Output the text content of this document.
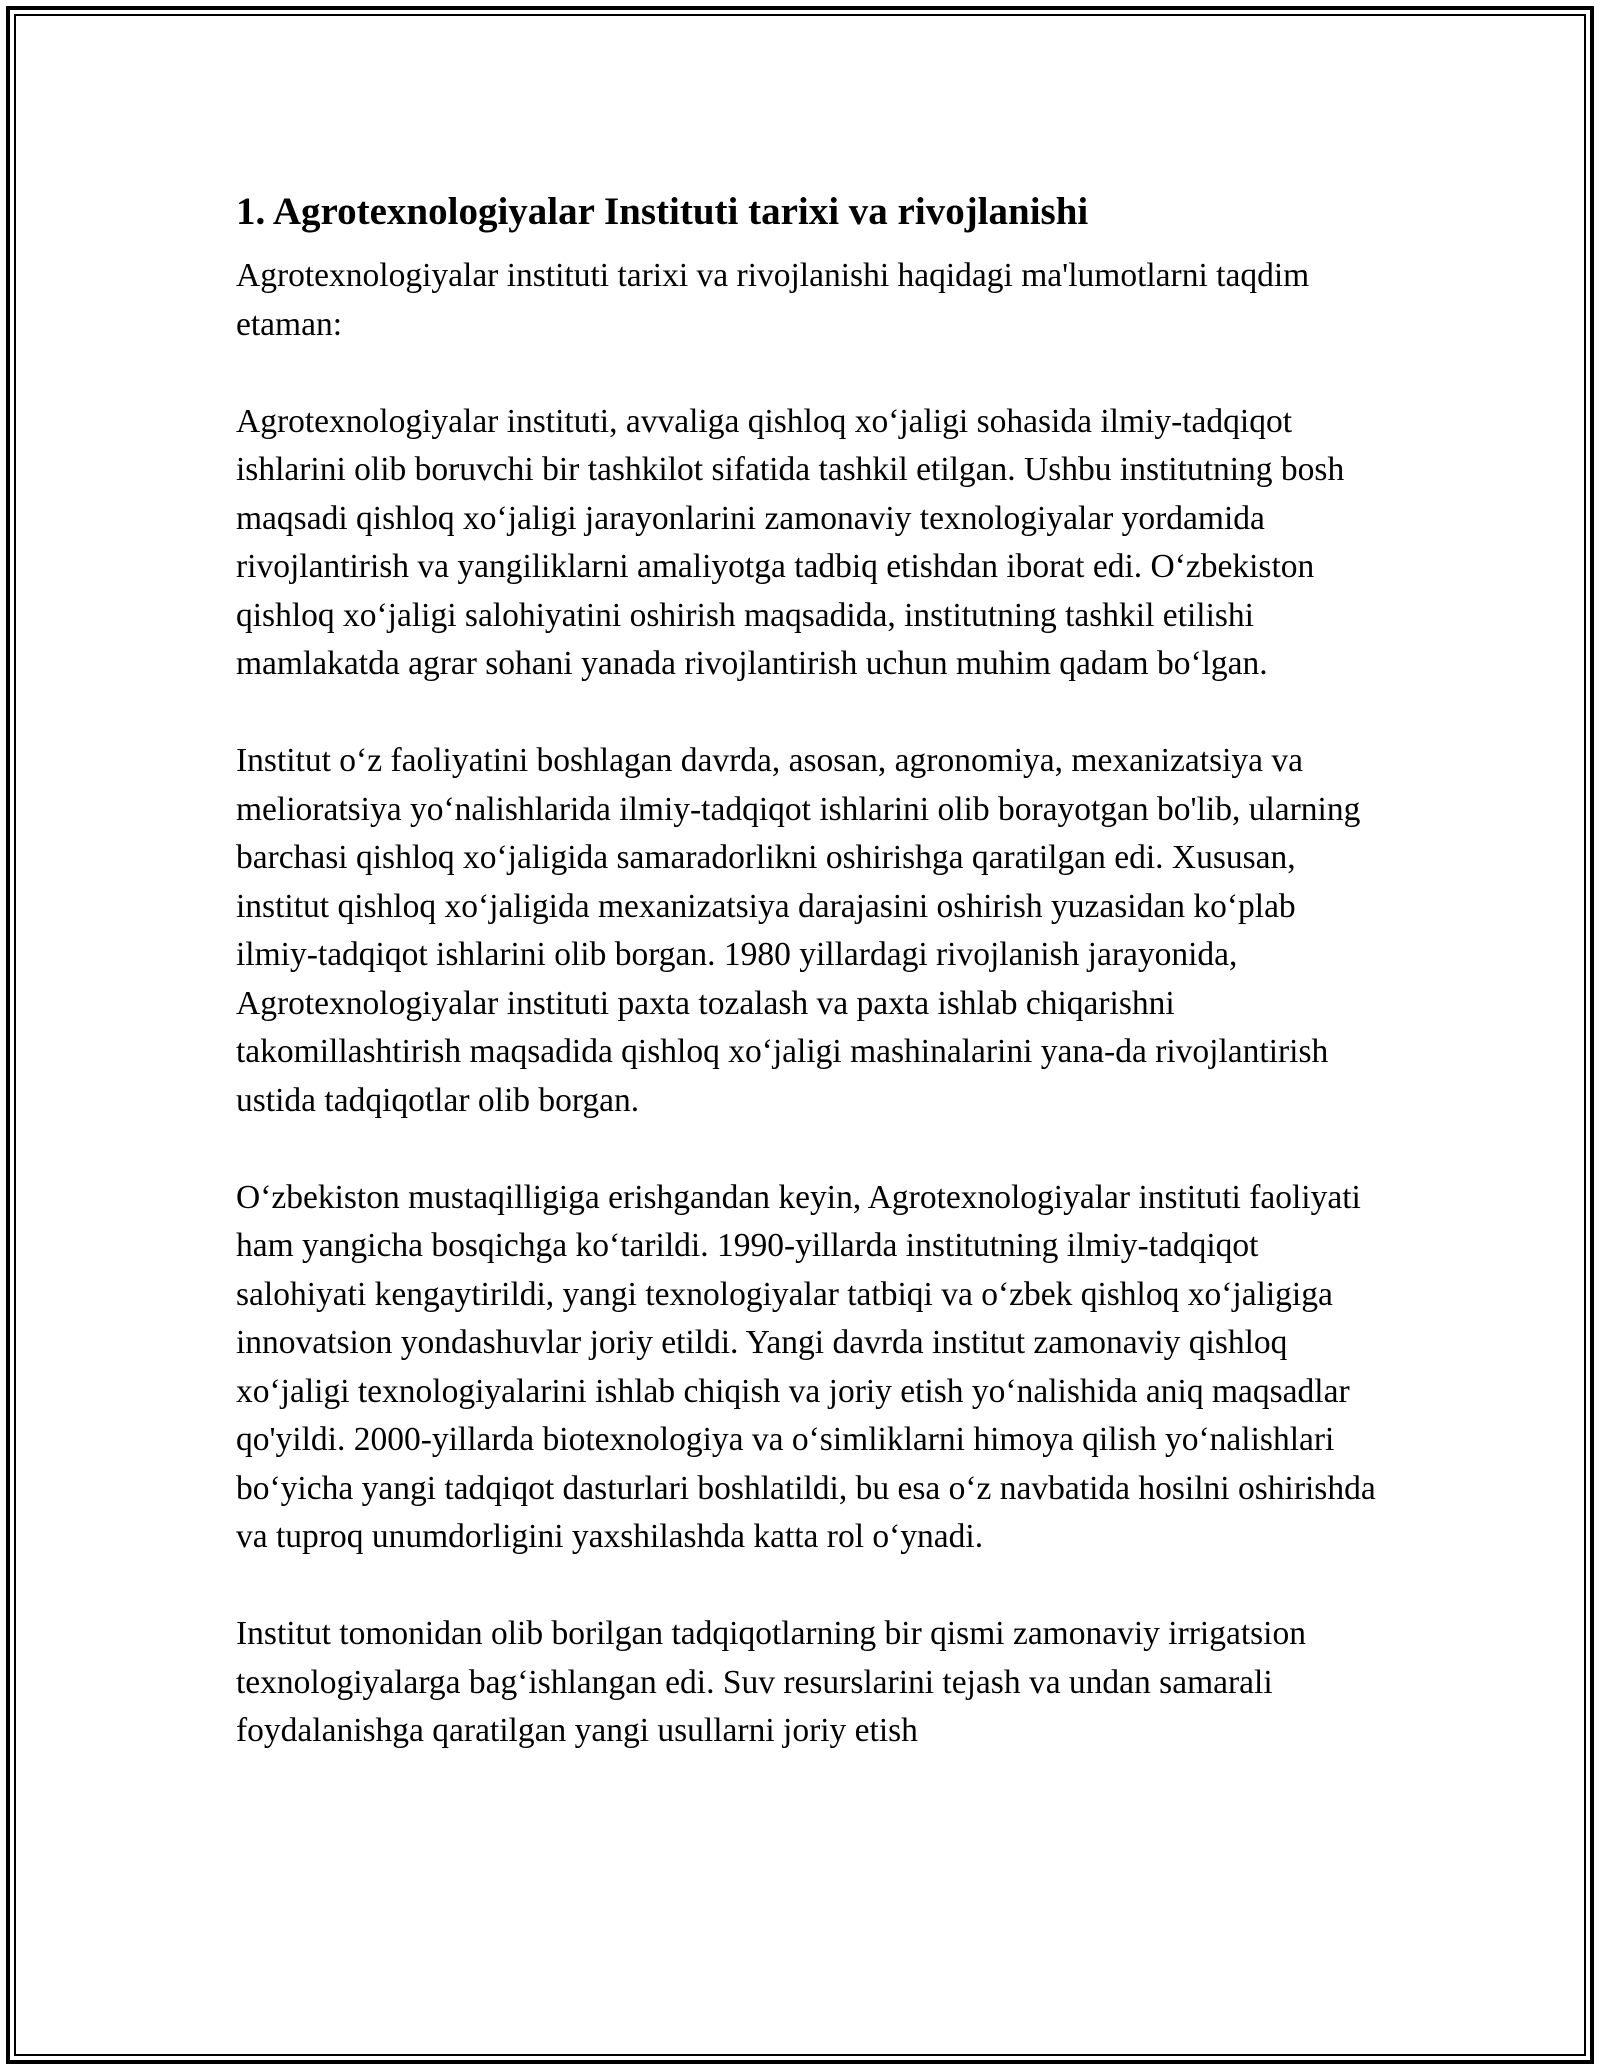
1. Agrotexnologiyalar Instituti tarixi va rivojlanishi

Agrotexnologiyalar instituti tarixi va rivojlanishi haqidagi ma'lumotlarni taqdim etaman:

Agrotexnologiyalar instituti, avvaliga qishloq xo‘jaligi sohasida ilmiy-tadqiqot ishlarini olib boruvchi bir tashkilot sifatida tashkil etilgan. Ushbu institutning bosh maqsadi qishloq xo‘jaligi jarayonlarini zamonaviy texnologiyalar yordamida rivojlantirish va yangiliklarni amaliyotga tadbiq etishdan iborat edi. O‘zbekiston qishloq xo‘jaligi salohiyatini oshirish maqsadida, institutning tashkil etilishi mamlakatda agrar sohani yanada rivojlantirish uchun muhim qadam bo‘lgan.

Institut o‘z faoliyatini boshlagan davrda, asosan, agronomiya, mexanizatsiya va melioratsiya yo‘nalishlarida ilmiy-tadqiqot ishlarini olib borayotgan bo'lib, ularning barchasi qishloq xo‘jaligida samaradorlikni oshirishga qaratilgan edi. Xususan, institut qishloq xo‘jaligida mexanizatsiya darajasini oshirish yuzasidan ko‘plab ilmiy-tadqiqot ishlarini olib borgan. 1980 yillardagi rivojlanish jarayonida, Agrotexnologiyalar instituti paxta tozalash va paxta ishlab chiqarishni takomillashtirish maqsadida qishloq xo‘jaligi mashinalarini yana-da rivojlantirish ustida tadqiqotlar olib borgan.

O‘zbekiston mustaqilligiga erishgandan keyin, Agrotexnologiyalar instituti faoliyati ham yangicha bosqichga ko‘tarildi. 1990-yillarda institutning ilmiy-tadqiqot salohiyati kengaytirildi, yangi texnologiyalar tatbiqi va o‘zbek qishloq xo‘jaligiga innovatsion yondashuvlar joriy etildi. Yangi davrda institut zamonaviy qishloq xo‘jaligi texnologiyalarini ishlab chiqish va joriy etish yo‘nalishida aniq maqsadlar qo'yildi. 2000-yillarda biotexnologiya va o‘simliklarni himoya qilish yo‘nalishlari bo‘yicha yangi tadqiqot dasturlari boshlatildi, bu esa o‘z navbatida hosilni oshirishda va tuproq unumdorligini yaxshilashda katta rol o‘ynadi.

Institut tomonidan olib borilgan tadqiqotlarning bir qismi zamonaviy irrigatsion texnologiyalarga bag‘ishlangan edi. Suv resurslarini tejash va undan samarali foydalanishga qaratilgan yangi usullarni joriy etish
